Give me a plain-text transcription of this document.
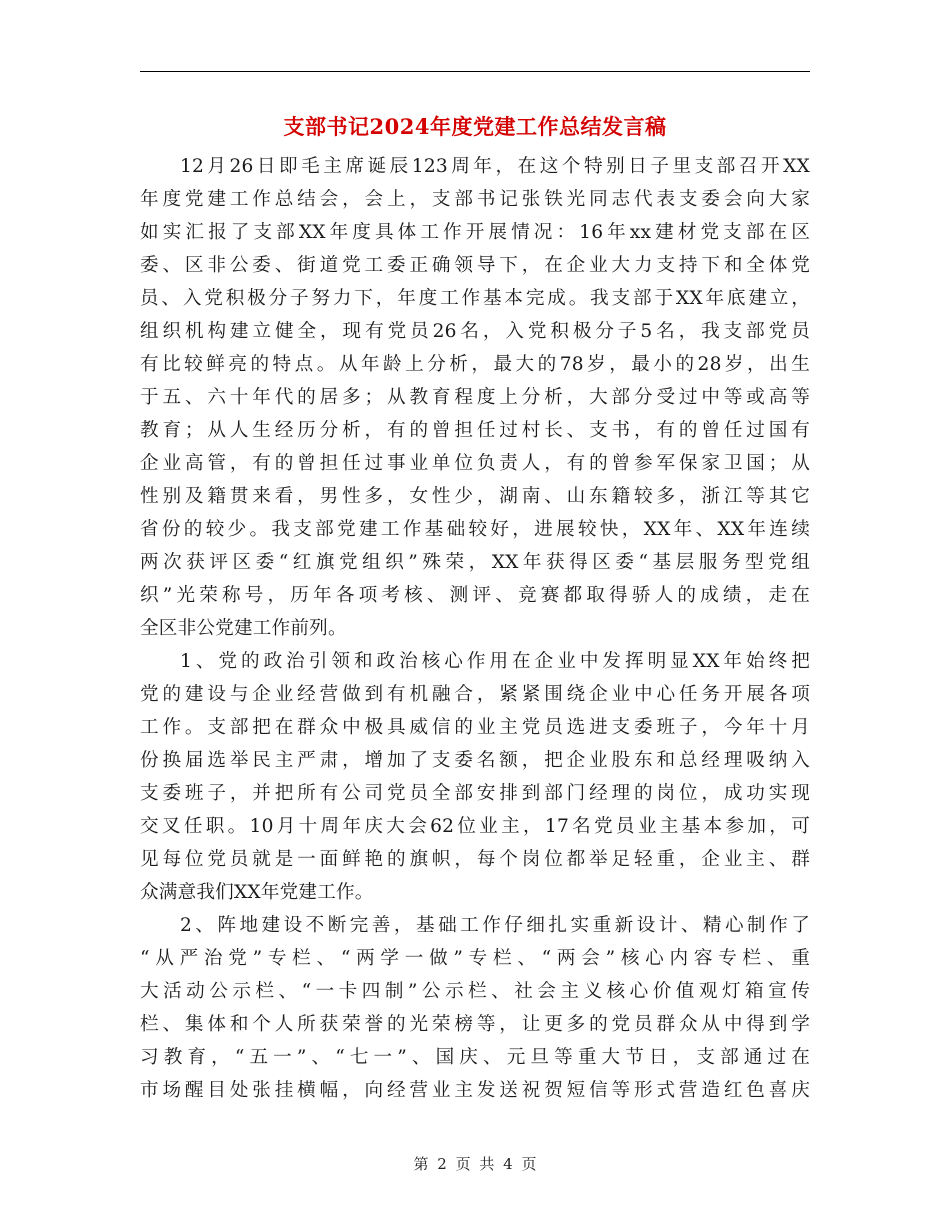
支部书记2024年度党建工作总结发言稿
12月26日即毛主席诞辰123周年，在这个特别日子里支部召开XX
年度党建工作总结会，会上，支部书记张铁光同志代表支委会向大家
如实汇报了支部XX年度具体工作开展情况：16年xx建材党支部在区
委、区非公委、街道党工委正确领导下，在企业大力支持下和全体党
员、入党积极分子努力下，年度工作基本完成。我支部于XX年底建立，
组织机构建立健全，现有党员26名，入党积极分子5名，我支部党员
有比较鲜亮的特点。从年龄上分析，最大的78岁，最小的28岁，出生
于五、六十年代的居多；从教育程度上分析，大部分受过中等或高等
教育；从人生经历分析，有的曾担任过村长、支书，有的曾任过国有
企业高管，有的曾担任过事业单位负责人，有的曾参军保家卫国；从
性别及籍贯来看，男性多，女性少，湖南、山东籍较多，浙江等其它
省份的较少。我支部党建工作基础较好，进展较快，XX年、XX年连续
两次获评区委“红旗党组织”殊荣，XX年获得区委“基层服务型党组
织”光荣称号，历年各项考核、测评、竞赛都取得骄人的成绩，走在
全区非公党建工作前列。
1、党的政治引领和政治核心作用在企业中发挥明显XX年始终把
党的建设与企业经营做到有机融合，紧紧围绕企业中心任务开展各项
工作。支部把在群众中极具威信的业主党员选进支委班子，今年十月
份换届选举民主严肃，增加了支委名额，把企业股东和总经理吸纳入
支委班子，并把所有公司党员全部安排到部门经理的岗位，成功实现
交叉任职。10月十周年庆大会62位业主，17名党员业主基本参加，可
见每位党员就是一面鲜艳的旗帜，每个岗位都举足轻重，企业主、群
众满意我们XX年党建工作。
2、阵地建设不断完善，基础工作仔细扎实重新设计、精心制作了
“从严治党”专栏、“两学一做”专栏、“两会”核心内容专栏、重
大活动公示栏、“一卡四制”公示栏、社会主义核心价值观灯箱宣传
栏、集体和个人所获荣誉的光荣榜等，让更多的党员群众从中得到学
习教育，“五一”、“七一”、国庆、元旦等重大节日，支部通过在
市场醒目处张挂横幅，向经营业主发送祝贺短信等形式营造红色喜庆
第 2 页 共 4 页
